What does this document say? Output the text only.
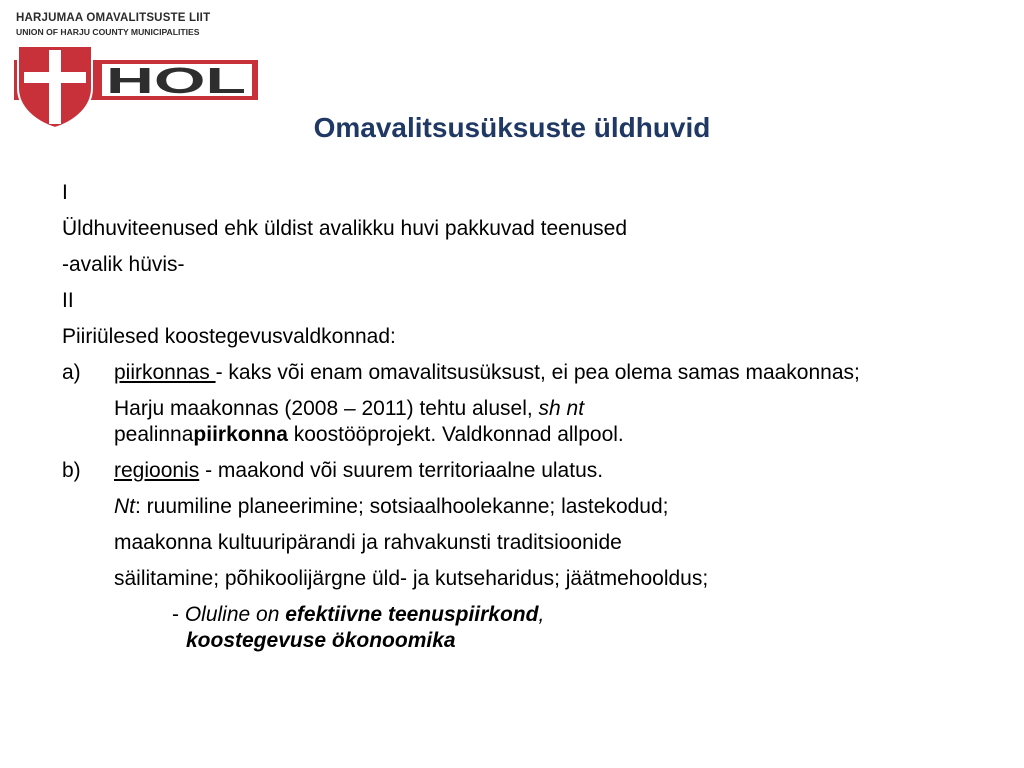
HARJUMAA OMAVALITSUSTE LIIT
UNION OF HARJU COUNTY MUNICIPALITIES
HOL
Omavalitsusüksuste üldhuvid
I
Üldhuviteenused ehk üldist avalikku huvi pakkuvad teenused
-avalik hüvis-
II
Piiriülesed koostegevusvaldkonnad:
a)	piirkonnas - kaks või enam omavalitsusüksust, ei pea olema samas maakonnas;
Harju maakonnas (2008 – 2011) tehtu alusel, sh nt
pealinnapiirkonna koostööprojekt. Valdkonnad allpool.
b)	regioonis - maakond või suurem territoriaalne ulatus.
Nt: ruumiline planeerimine; sotsiaalhoolekanne; lastekodud;
maakonna kultuuripärandi ja rahvakunsti traditsioonide
säilitamine; põhikoolijärgne üld- ja kutseharidus; jäätmehooldus;
- Oluline on efektiivne teenuspiirkond,
koostegevuse ökonoomika
